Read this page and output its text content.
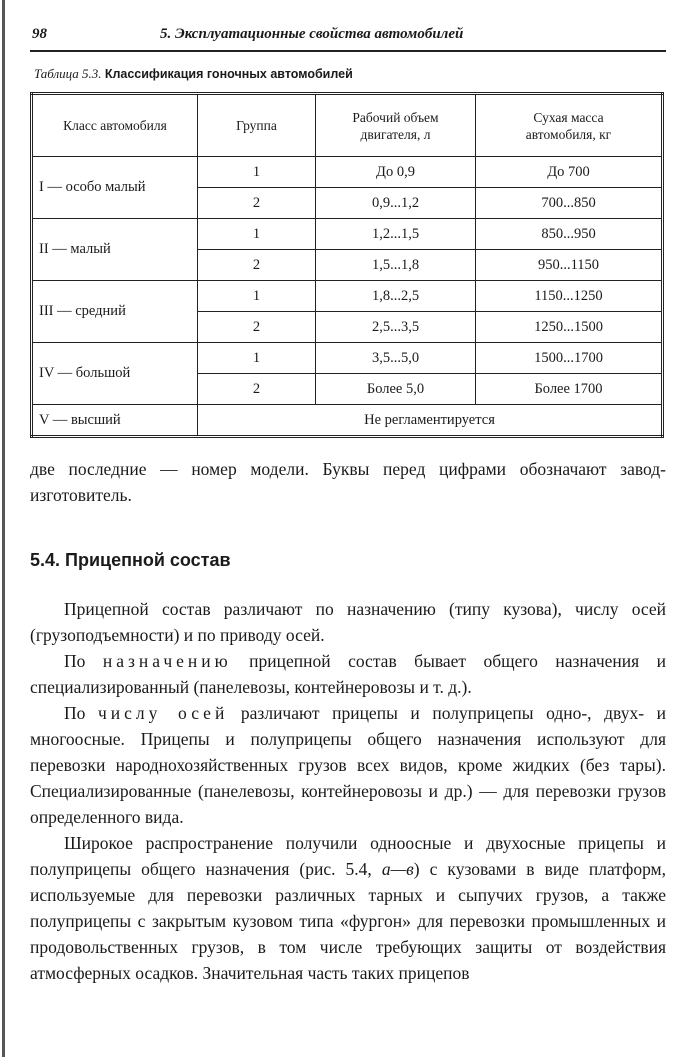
98	5. Эксплуатационные свойства автомобилей
Таблица 5.3. Классификация гоночных автомобилей
Класс автомобиля	Группа	Рабочий объем двигателя, л	Сухая масса автомобиля, кг

I — особо малый	1	До 0,9	До 700
	2	0,9...1,2	700...850
II — малый	1	1,2...1,5	850...950
	2	1,5...1,8	950...1150
III — средний	1	1,8...2,5	1150...1250
	2	2,5...3,5	1250...1500
IV — большой	1	3,5...5,0	1500...1700
	2	Более 5,0	Более 1700
V — высший	Не регламентируется		

две последние — номер модели. Буквы перед цифрами обозначают завод-изготовитель.

5.4. Прицепной состав

Прицепной состав различают по назначению (типу кузова), числу осей (грузоподъемности) и по приводу осей.

По назначению прицепной состав бывает общего назначения и специализированный (панелевозы, контейнеровозы и т. д.).

По числу осей различают прицепы и полуприцепы одно-, двух- и многоосные. Прицепы и полуприцепы общего назначения используют для перевозки народнохозяйственных грузов всех видов, кроме жидких (без тары). Специализированные (панелевозы, контейнеровозы и др.) — для перевозки грузов определенного вида.

Широкое распространение получили одноосные и двухосные прицепы и полуприцепы общего назначения (рис. 5.4, а—в) с кузовами в виде платформ, используемые для перевозки различных тарных и сыпучих грузов, а также полуприцепы с закрытым кузовом типа «фургон» для перевозки промышленных и продовольственных грузов, в том числе требующих защиты от воздействия атмосферных осадков. Значительная часть таких прицепов
